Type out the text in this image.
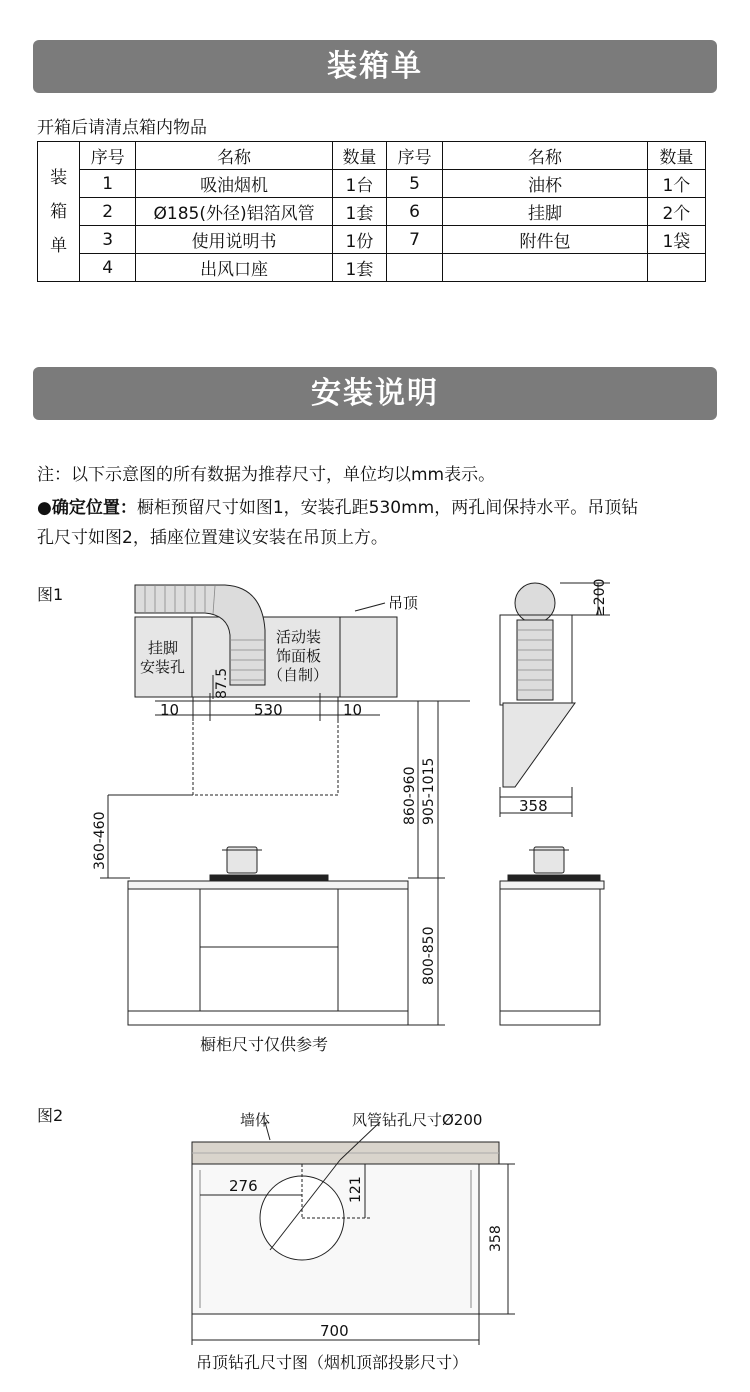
装箱单
开箱后请清点箱内物品
装
箱
单	序号	名称	数量	序号	名称	数量
	1	吸油烟机	1台	5	油杯	1个
	2	Ø185(外径)铝箔风管	1套	6	挂脚	2个
	3	使用说明书	1份	7	附件包	1袋
	4	出风口座	1套			
安装说明
注：以下示意图的所有数据为推荐尺寸，单位均以mm表示。
●确定位置：橱柜预留尺寸如图1，安装孔距530mm，两孔间保持水平。吊顶钻
孔尺寸如图2，插座位置建议安装在吊顶上方。
图1	吊顶
挂脚
安装孔
活动装
饰面板
（自制）
10	530	10
358
橱柜尺寸仅供参考
87.5
860-960 905-1015
360-460
800-850
≥200
图2	墙体	风管钻孔尺寸Ø200
276
700
吊顶钻孔尺寸图（烟机顶部投影尺寸）
121
358
